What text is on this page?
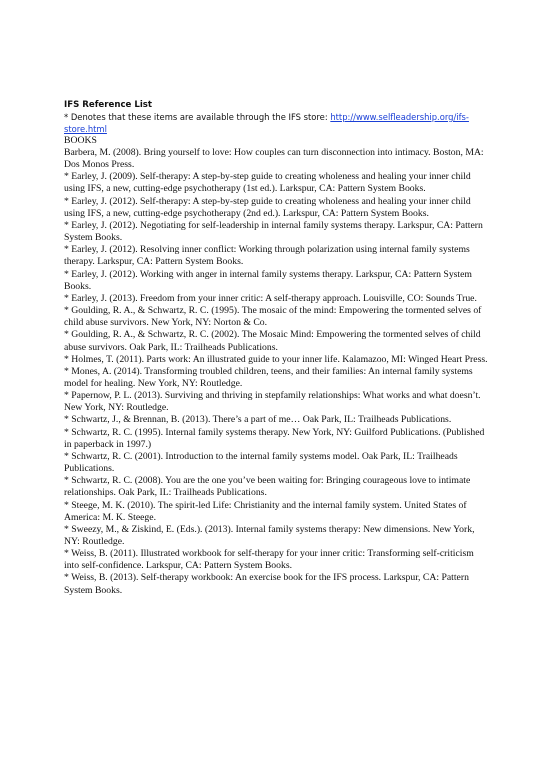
IFS Reference List

* Denotes that these items are available through the IFS store: http://www.selfleadership.org/ifs-store.html

BOOKS

Barbera, M. (2008). Bring yourself to love: How couples can turn disconnection into intimacy. Boston, MA: Dos Monos Press.

* Earley, J. (2009). Self-therapy: A step-by-step guide to creating wholeness and healing your inner child using IFS, a new, cutting-edge psychotherapy (1st ed.). Larkspur, CA: Pattern System Books.

* Earley, J. (2012). Self-therapy: A step-by-step guide to creating wholeness and healing your inner child using IFS, a new, cutting-edge psychotherapy (2nd ed.). Larkspur, CA: Pattern System Books.

* Earley, J. (2012). Negotiating for self-leadership in internal family systems therapy. Larkspur, CA: Pattern System Books.

* Earley, J. (2012). Resolving inner conflict: Working through polarization using internal family systems therapy. Larkspur, CA: Pattern System Books.

* Earley, J. (2012). Working with anger in internal family systems therapy. Larkspur, CA: Pattern System Books.

* Earley, J. (2013). Freedom from your inner critic: A self-therapy approach. Louisville, CO: Sounds True.

* Goulding, R. A., & Schwartz, R. C. (1995). The mosaic of the mind: Empowering the tormented selves of child abuse survivors. New York, NY: Norton & Co.

* Goulding, R. A., & Schwartz, R. C. (2002). The Mosaic Mind: Empowering the tormented selves of child abuse survivors. Oak Park, IL: Trailheads Publications.

* Holmes, T. (2011). Parts work: An illustrated guide to your inner life. Kalamazoo, MI: Winged Heart Press.

* Mones, A. (2014). Transforming troubled children, teens, and their families: An internal family systems model for healing. New York, NY: Routledge.

* Papernow, P. L. (2013). Surviving and thriving in stepfamily relationships: What works and what doesn’t. New York, NY: Routledge.

* Schwartz, J., & Brennan, B. (2013). There’s a part of me… Oak Park, IL: Trailheads Publications.

* Schwartz, R. C. (1995). Internal family systems therapy. New York, NY: Guilford Publications. (Published in paperback in 1997.)

* Schwartz, R. C. (2001). Introduction to the internal family systems model. Oak Park, IL: Trailheads Publications.

* Schwartz, R. C. (2008). You are the one you’ve been waiting for: Bringing courageous love to intimate relationships. Oak Park, IL: Trailheads Publications.

* Steege, M. K. (2010). The spirit-led Life: Christianity and the internal family system. United States of America: M. K. Steege.

* Sweezy, M., & Ziskind, E. (Eds.). (2013). Internal family systems therapy: New dimensions. New York, NY: Routledge.

* Weiss, B. (2011). Illustrated workbook for self-therapy for your inner critic: Transforming self-criticism into self-confidence. Larkspur, CA: Pattern System Books.

* Weiss, B. (2013). Self-therapy workbook: An exercise book for the IFS process. Larkspur, CA: Pattern System Books.
